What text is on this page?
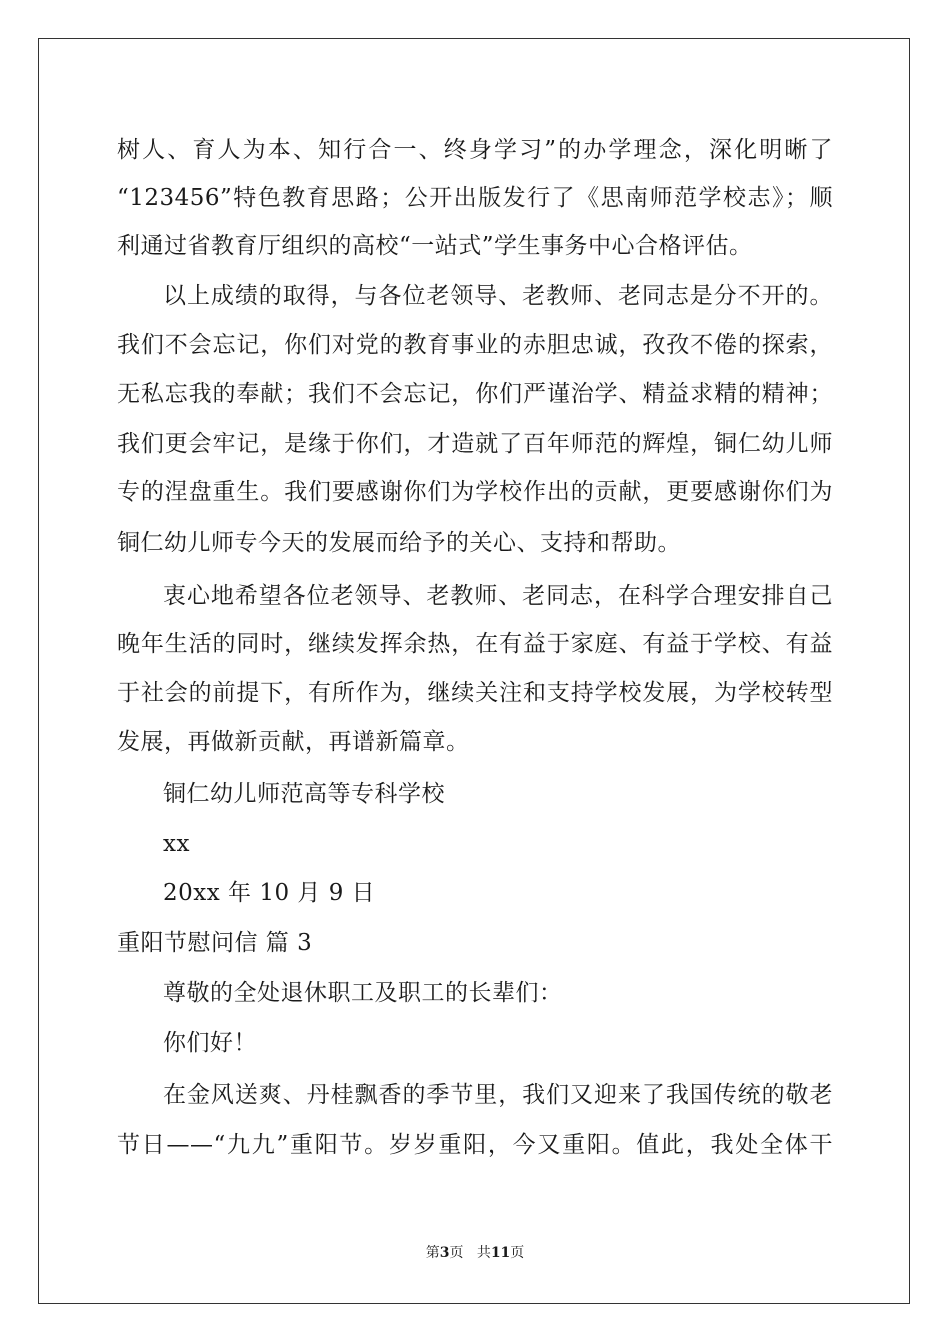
树人、育人为本、知行合一、终身学习”的办学理念，深化明晰了
“123456”特色教育思路；公开出版发行了《思南师范学校志》；顺
利通过省教育厅组织的高校“一站式”学生事务中心合格评估。
以上成绩的取得，与各位老领导、老教师、老同志是分不开的。
我们不会忘记，你们对党的教育事业的赤胆忠诚，孜孜不倦的探索，
无私忘我的奉献；我们不会忘记，你们严谨治学、精益求精的精神；
我们更会牢记，是缘于你们，才造就了百年师范的辉煌，铜仁幼儿师
专的涅盘重生。我们要感谢你们为学校作出的贡献，更要感谢你们为
铜仁幼儿师专今天的发展而给予的关心、支持和帮助。
衷心地希望各位老领导、老教师、老同志，在科学合理安排自己
晚年生活的同时，继续发挥余热，在有益于家庭、有益于学校、有益
于社会的前提下，有所作为，继续关注和支持学校发展，为学校转型
发展，再做新贡献，再谱新篇章。
铜仁幼儿师范高等专科学校
xx
20xx 年 10 月 9 日
重阳节慰问信 篇 3
尊敬的全处退休职工及职工的长辈们：
你们好！
在金风送爽、丹桂飘香的季节里，我们又迎来了我国传统的敬老
节日——“九九”重阳节。岁岁重阳，今又重阳。值此，我处全体干
第3页 共11页
